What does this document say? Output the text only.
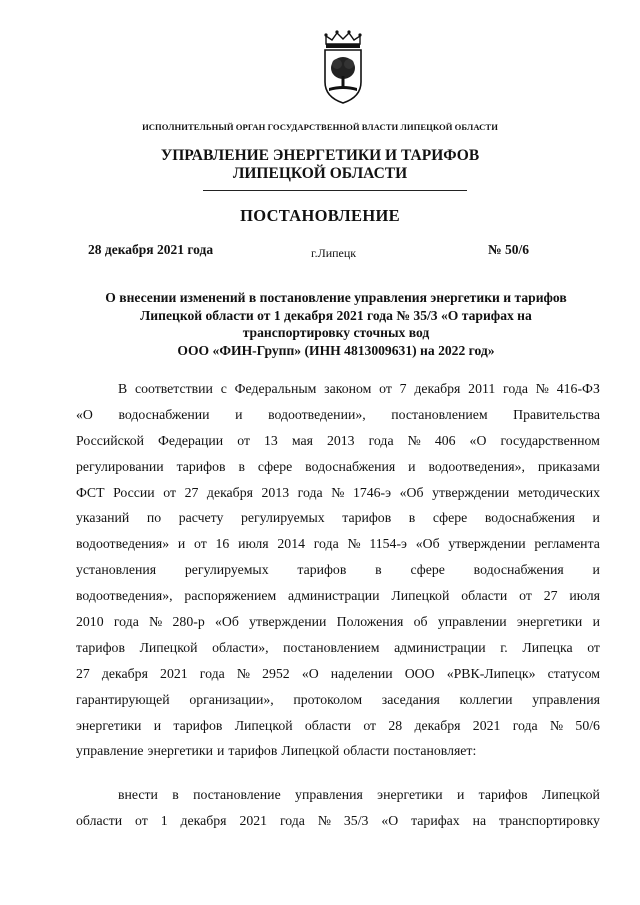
ИСПОЛНИТЕЛЬНЫЙ ОРГАН ГОСУДАРСТВЕННОЙ ВЛАСТИ ЛИПЕЦКОЙ ОБЛАСТИ
УПРАВЛЕНИЕ ЭНЕРГЕТИКИ И ТАРИФОВ
ЛИПЕЦКОЙ ОБЛАСТИ
ПОСТАНОВЛЕНИЕ
28 декабря 2021 года	г.Липецк	№ 50/6
О внесении изменений в постановление управления энергетики и тарифов
Липецкой области от 1 декабря 2021 года № 35/3 «О тарифах на
транспортировку сточных вод
ООО «ФИН-Групп» (ИНН 4813009631) на 2022 год»
В соответствии с Федеральным законом от 7 декабря 2011 года № 416-ФЗ
«О водоснабжении и водоотведении», постановлением Правительства
Российской Федерации от 13 мая 2013 года № 406 «О государственном
регулировании тарифов в сфере водоснабжения и водоотведения», приказами
ФСТ России от 27 декабря 2013 года № 1746-э «Об утверждении методических
указаний по расчету регулируемых тарифов в сфере водоснабжения и
водоотведения» и от 16 июля 2014 года № 1154-э «Об утверждении регламента
установления регулируемых тарифов в сфере водоснабжения и
водоотведения», распоряжением администрации Липецкой области от 27 июля
2010 года № 280-р «Об утверждении Положения об управлении энергетики и
тарифов Липецкой области», постановлением администрации г. Липецка от
27 декабря 2021 года № 2952 «О наделении ООО «РВК-Липецк» статусом
гарантирующей организации», протоколом заседания коллегии управления
энергетики и тарифов Липецкой области от 28 декабря 2021 года № 50/6
управление энергетики и тарифов Липецкой области постановляет:
внести в постановление управления энергетики и тарифов Липецкой
области от 1 декабря 2021 года № 35/3 «О тарифах на транспортировку
